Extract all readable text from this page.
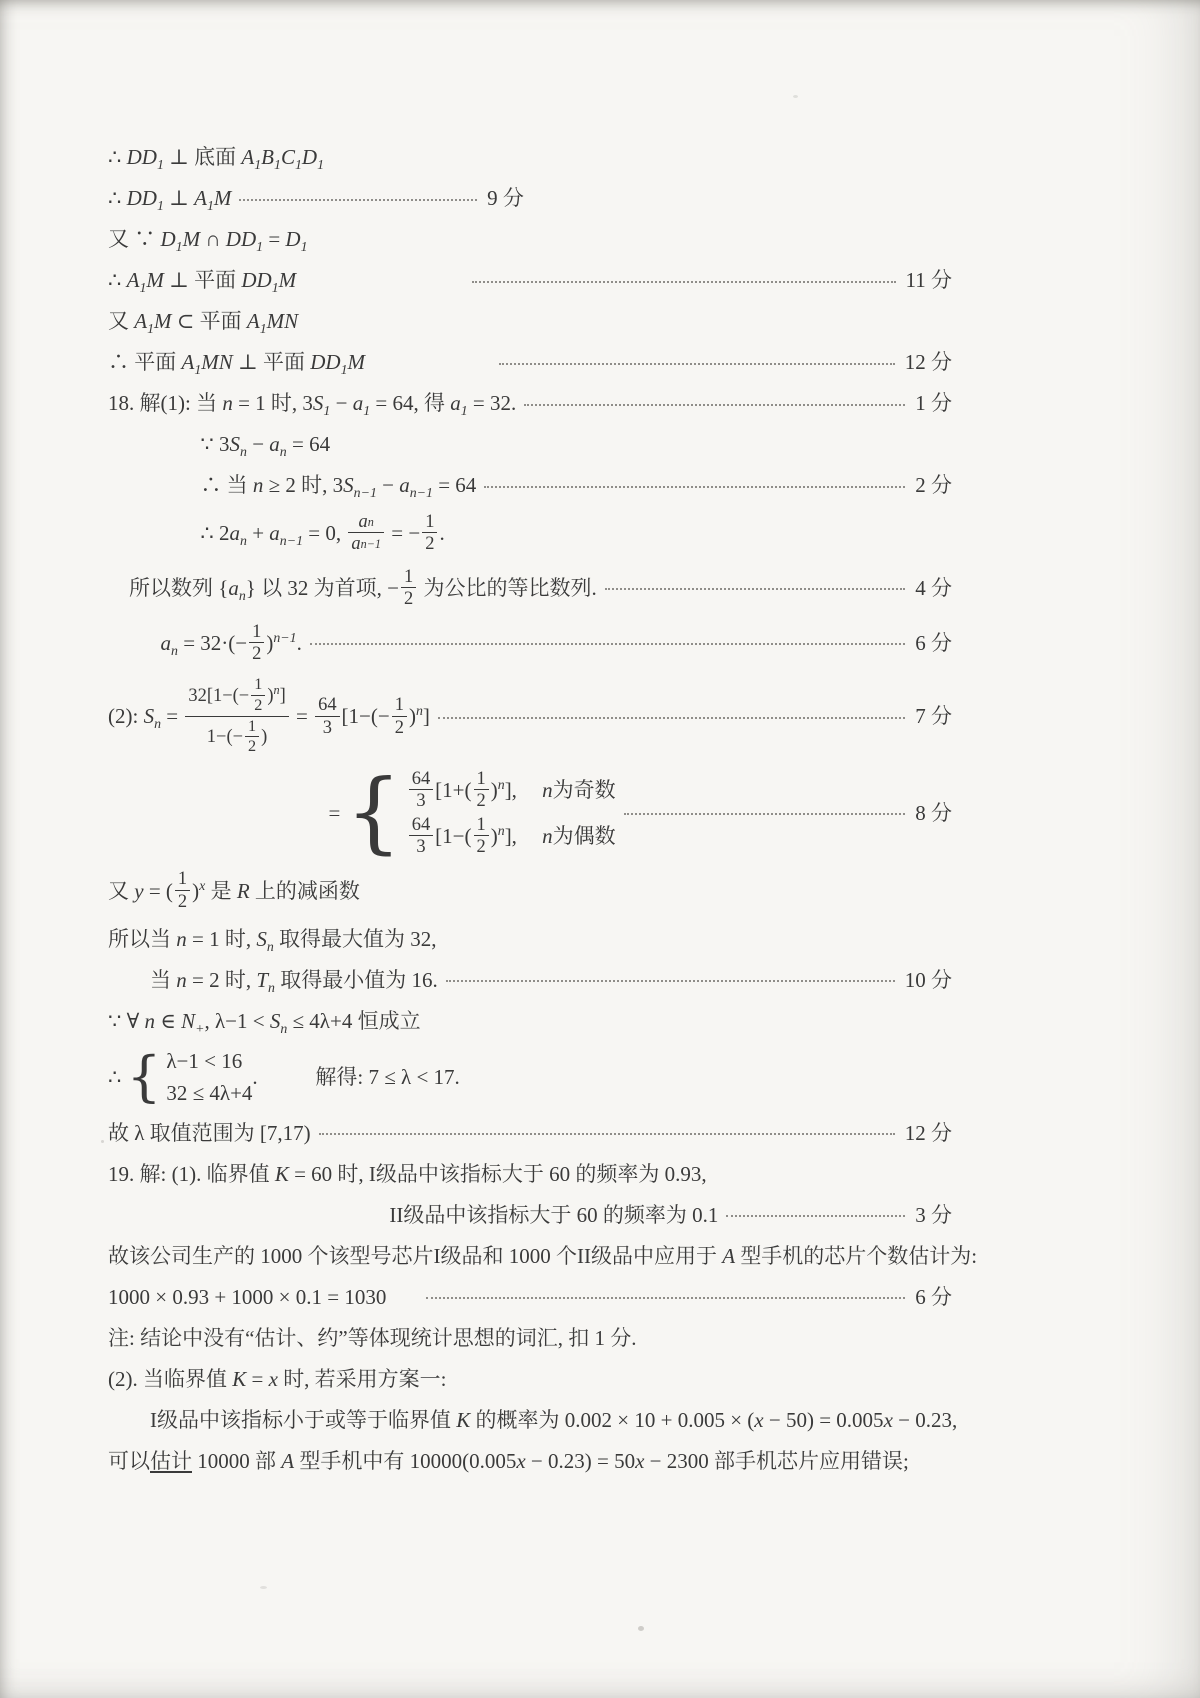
∴ $DD_1$ ⊥ 底面 $A_1B_1C_1D_1$
∴ $DD_1$ ⊥ $A_1M$	9 分
又 ∵ $D_1M$ ∩ $DD_1 = D_1$
∴ $A_1M$ ⊥ 平面 $DD_1M$	11 分
又 $A_1M$ ⊂ 平面 $A_1MN$
∴ 平面 $A_1MN$ ⊥ 平面 $DD_1M$	12 分
18. 解(1): 当 n = 1 时, $3S_1 - a_1 = 64$, 得 $a_1 = 32$.	1 分
∵ $3S_n - a_n = 64$
∴ 当 n ≥ 2 时, $3S_{n-1} - a_{n-1} = 64$	2 分
∴ $2a_n + a_{n-1} = 0$, $\frac{\text{a n}}{\text{a n−1}}$ = − $\frac{1}{2}$ .
所以数列 $\{a_n\}$ 以 32 为首项, − $\frac{1}{2}$ 为公比的等比数列.	4 分
$a_n = 32\cdot(- \frac{1}{2} )^{n-1}$.	6 分
(2): $S_n = \frac{32[1-(- \frac{1}{2} )^n]}{1-(- \frac{1}{2} )} = \frac{64}{3} [1-(- \frac{1}{2} )^n]$	7 分
= { $\frac{64}{3} [1+( \frac{1}{2} )^n]$, n为奇数
$\frac{64}{3} [1-( \frac{1}{2} )^n]$, n为偶数
8 分
又 y = ( $\frac{1}{2} )^x$ 是 R 上的减函数
所以当 n = 1 时, $S_n$ 取得最大值为 32,
当 n = 2 时, $T_n$ 取得最小值为 16.	10 分
∵ ∀ n ∈ $N_+$, $\lambda-1 < S_n \le 4\lambda+4$ 恒成立
∴ { λ−1 < 16
32 ≤ 4λ+4
.	解得: 7 ≤ λ < 17.
故 λ 取值范围为 [7,17)	12 分
19. 解: (1). 临界值 K = 60 时, I级品中该指标大于 60 的频率为 0.93,
II级品中该指标大于 60 的频率为 0.1	3 分
故该公司生产的 1000 个该型号芯片I级品和 1000 个II级品中应用于 A 型手机的芯片个数估计为:
1000 × 0.93 + 1000 × 0.1 = 1030	6 分
注: 结论中没有“估计、约”等体现统计思想的词汇, 扣 1 分.
(2). 当临界值 K = x 时, 若采用方案一:
I级品中该指标小于或等于临界值 K 的概率为 0.002 × 10 + 0.005 × (x − 50) = 0.005x − 0.23,
可以 估计 10000 部 A 型手机中有 10000(0.005x − 0.23) = 50x − 2300 部手机芯片应用错误;
